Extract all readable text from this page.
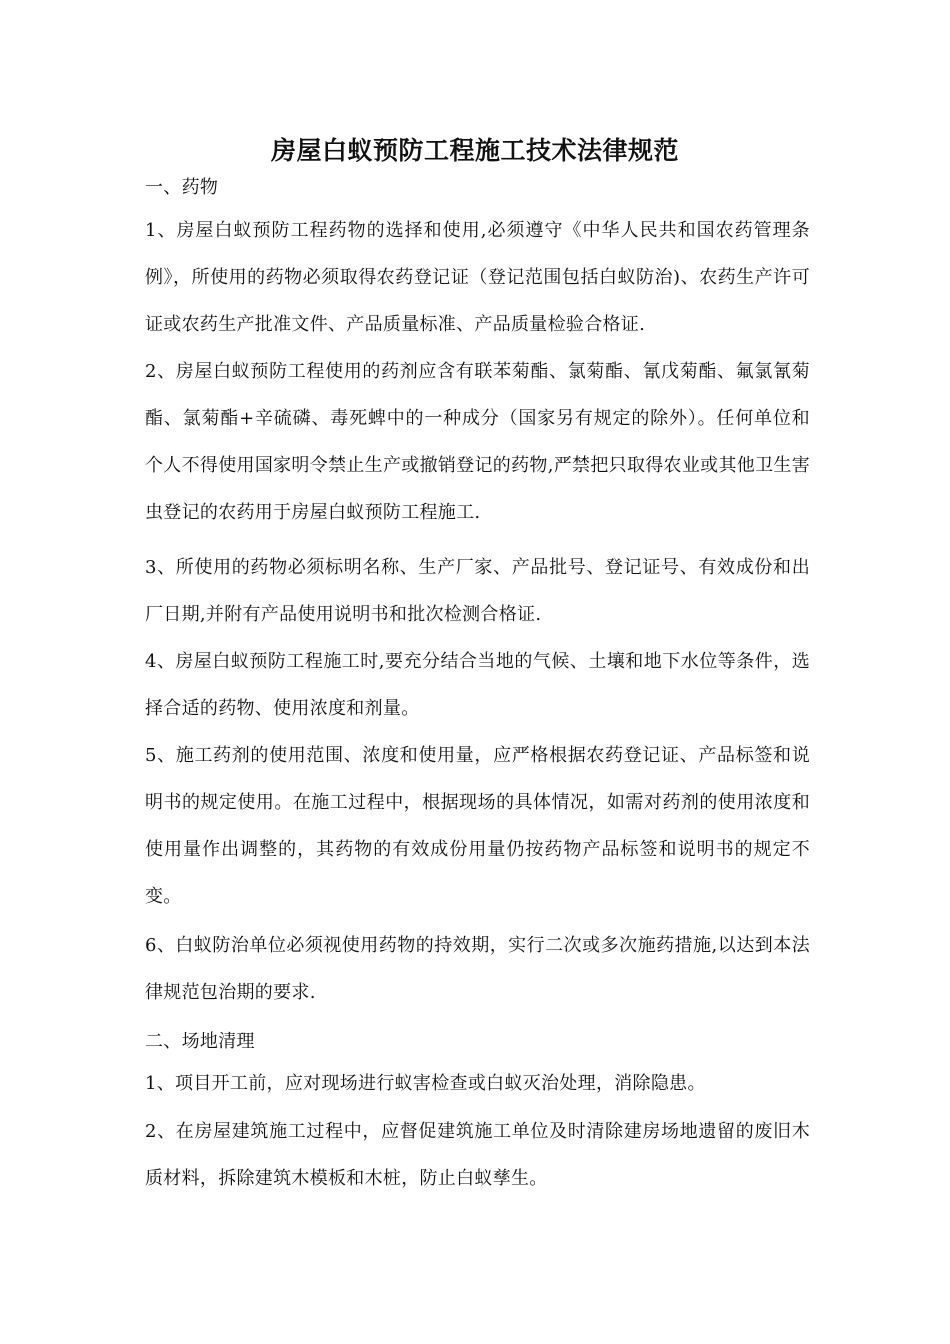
房屋白蚁预防工程施工技术法律规范
一、药物
1、房屋白蚁预防工程药物的选择和使用,必须遵守《中华人民共和国农药管理条例》，所使用的药物必须取得农药登记证（登记范围包括白蚁防治)、农药生产许可证或农药生产批准文件、产品质量标准、产品质量检验合格证.
2、房屋白蚁预防工程使用的药剂应含有联苯菊酯、氯菊酯、氰戊菊酯、氟氯氰菊酯、氯菊酯+辛硫磷、毒死蜱中的一种成分（国家另有规定的除外）。任何单位和个人不得使用国家明令禁止生产或撤销登记的药物,严禁把只取得农业或其他卫生害虫登记的农药用于房屋白蚁预防工程施工.
3、所使用的药物必须标明名称、生产厂家、产品批号、登记证号、有效成份和出厂日期,并附有产品使用说明书和批次检测合格证.
4、房屋白蚁预防工程施工时,要充分结合当地的气候、土壤和地下水位等条件，选择合适的药物、使用浓度和剂量。
5、施工药剂的使用范围、浓度和使用量，应严格根据农药登记证、产品标签和说明书的规定使用。在施工过程中，根据现场的具体情况，如需对药剂的使用浓度和使用量作出调整的，其药物的有效成份用量仍按药物产品标签和说明书的规定不变。
6、白蚁防治单位必须视使用药物的持效期，实行二次或多次施药措施,以达到本法律规范包治期的要求.
二、场地清理
1、项目开工前，应对现场进行蚁害检查或白蚁灭治处理，消除隐患。
2、在房屋建筑施工过程中，应督促建筑施工单位及时清除建房场地遗留的废旧木质材料，拆除建筑木模板和木桩，防止白蚁孳生。
